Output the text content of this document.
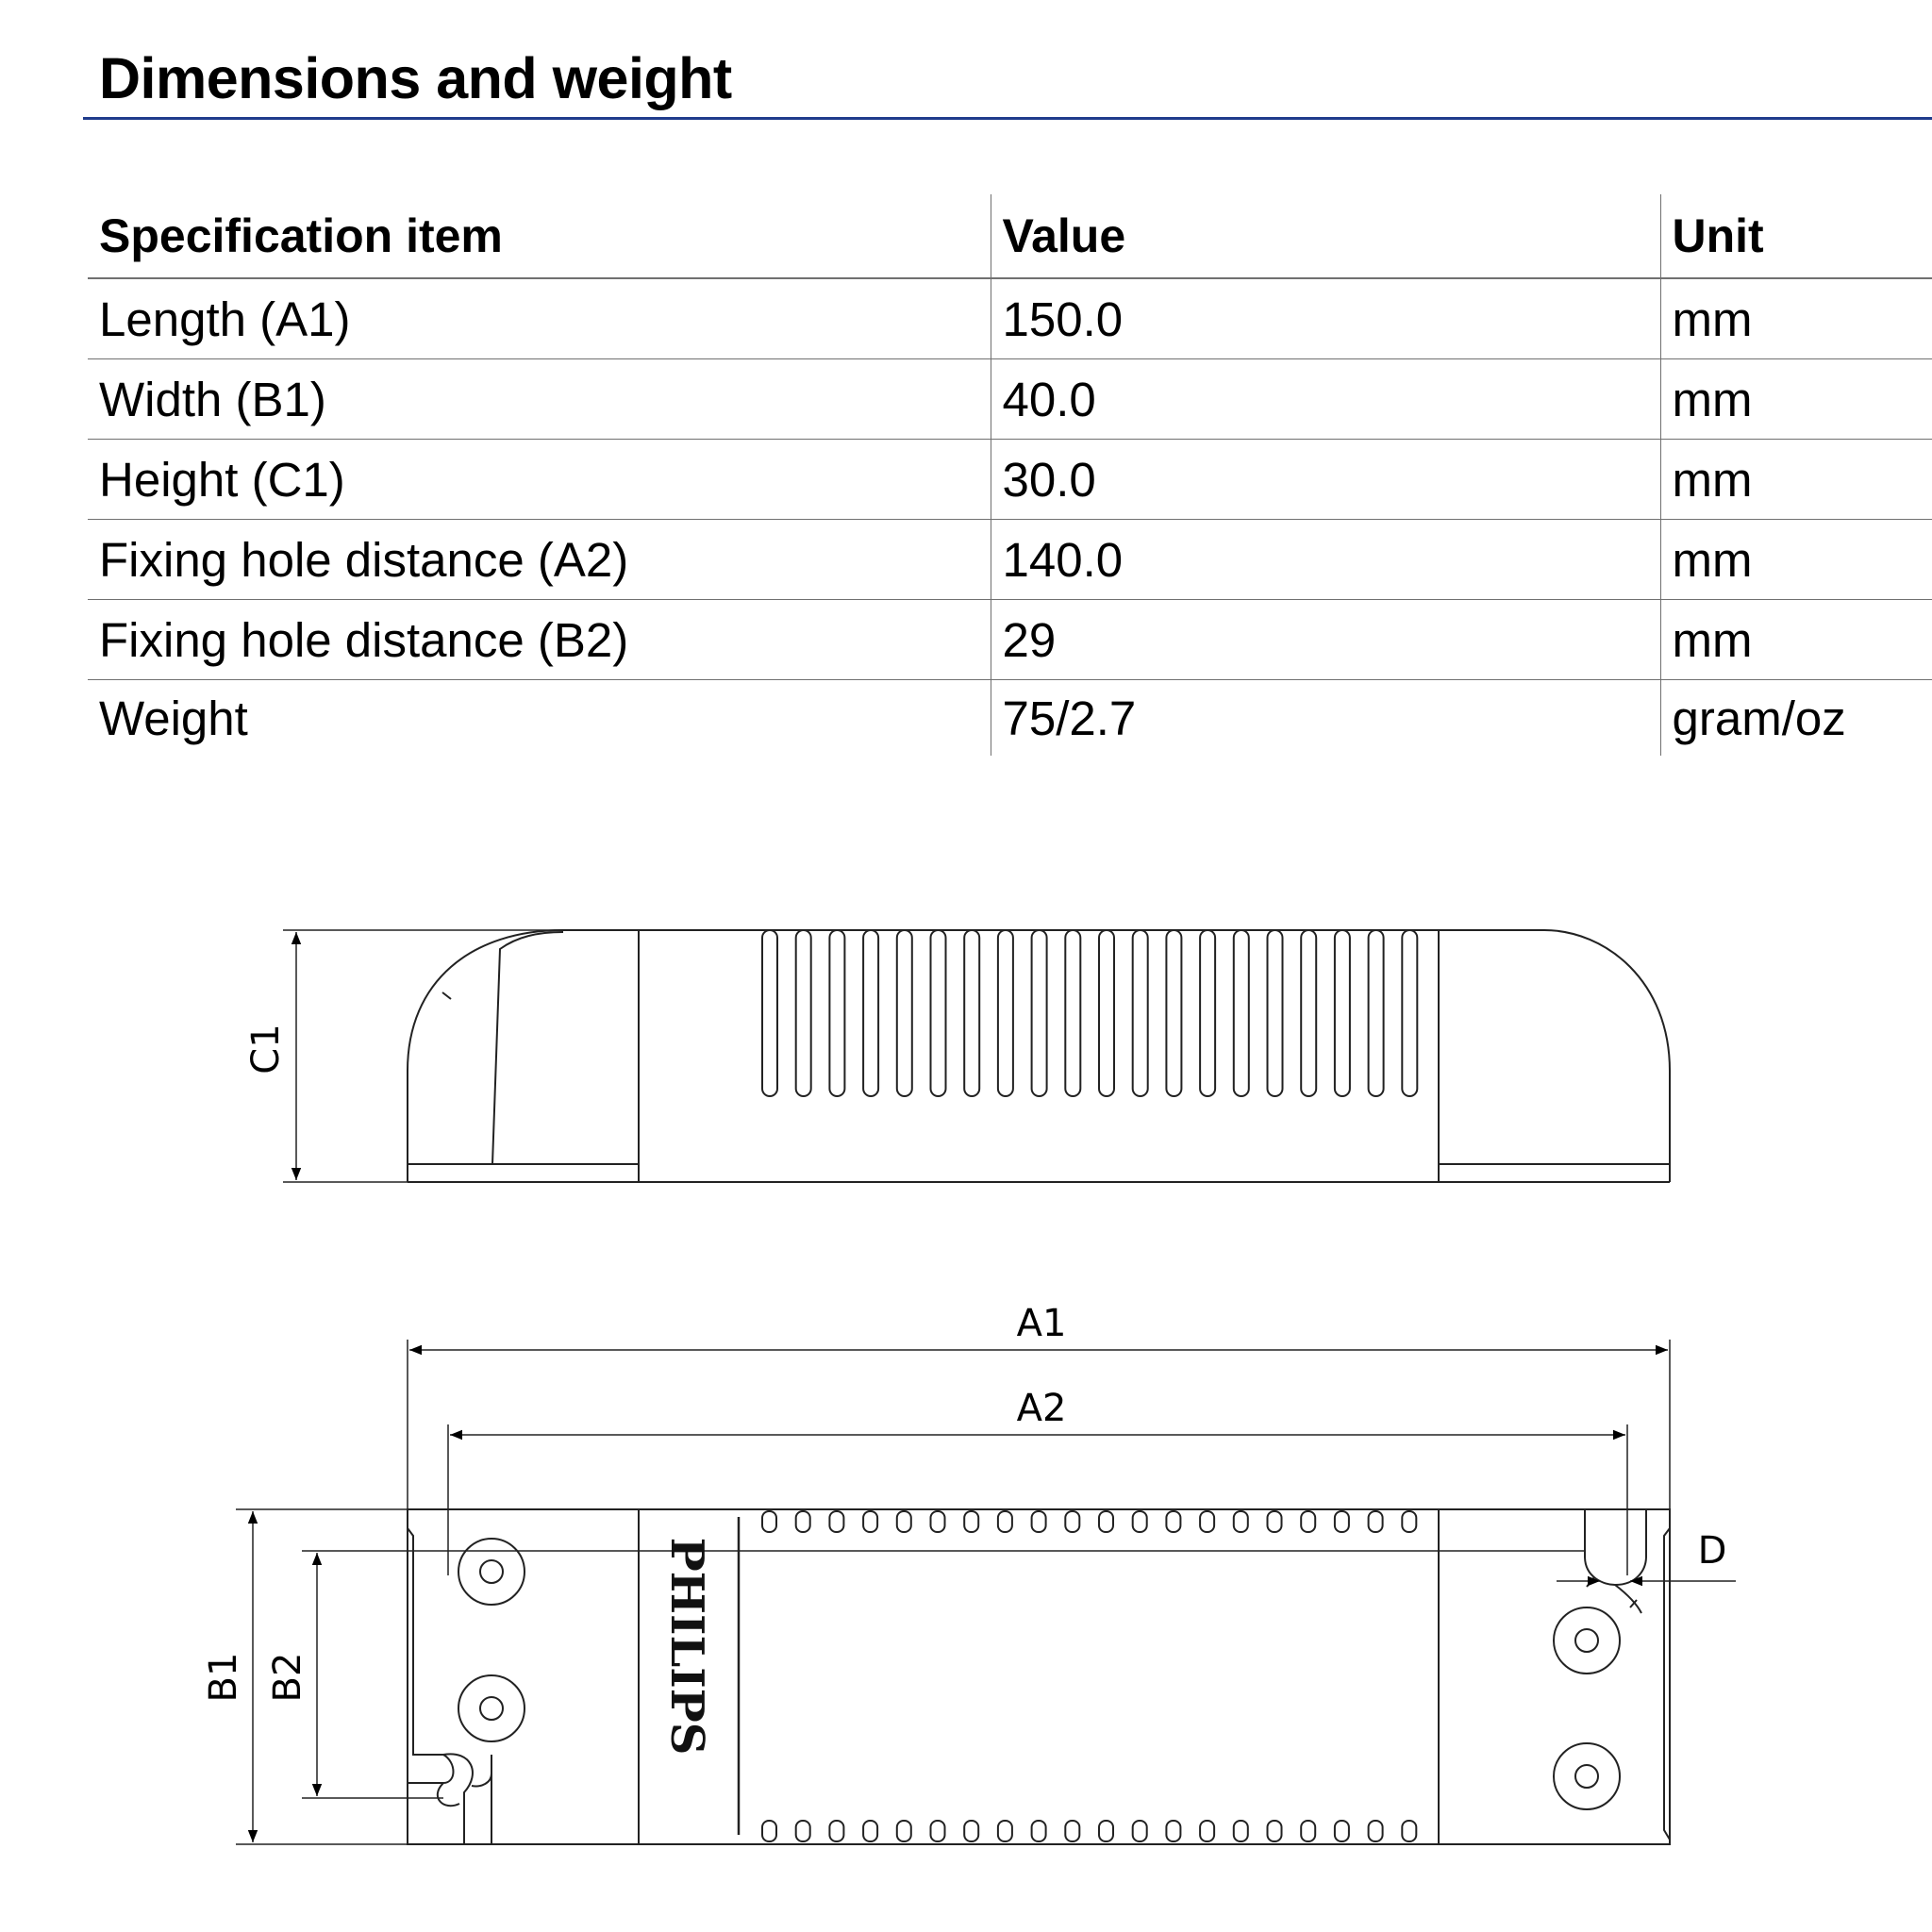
Dimensions and weight
Specification item	Value	Unit
Length (A1)	150.0	mm
Width (B1)	40.0	mm
Height (C1)	30.0	mm
Fixing hole distance (A2)	140.0	mm
Fixing hole distance (B2)	29	mm
Weight	75/2.7	gram/oz
C1
A1
A2
B1 B2
D
PHILIPS
